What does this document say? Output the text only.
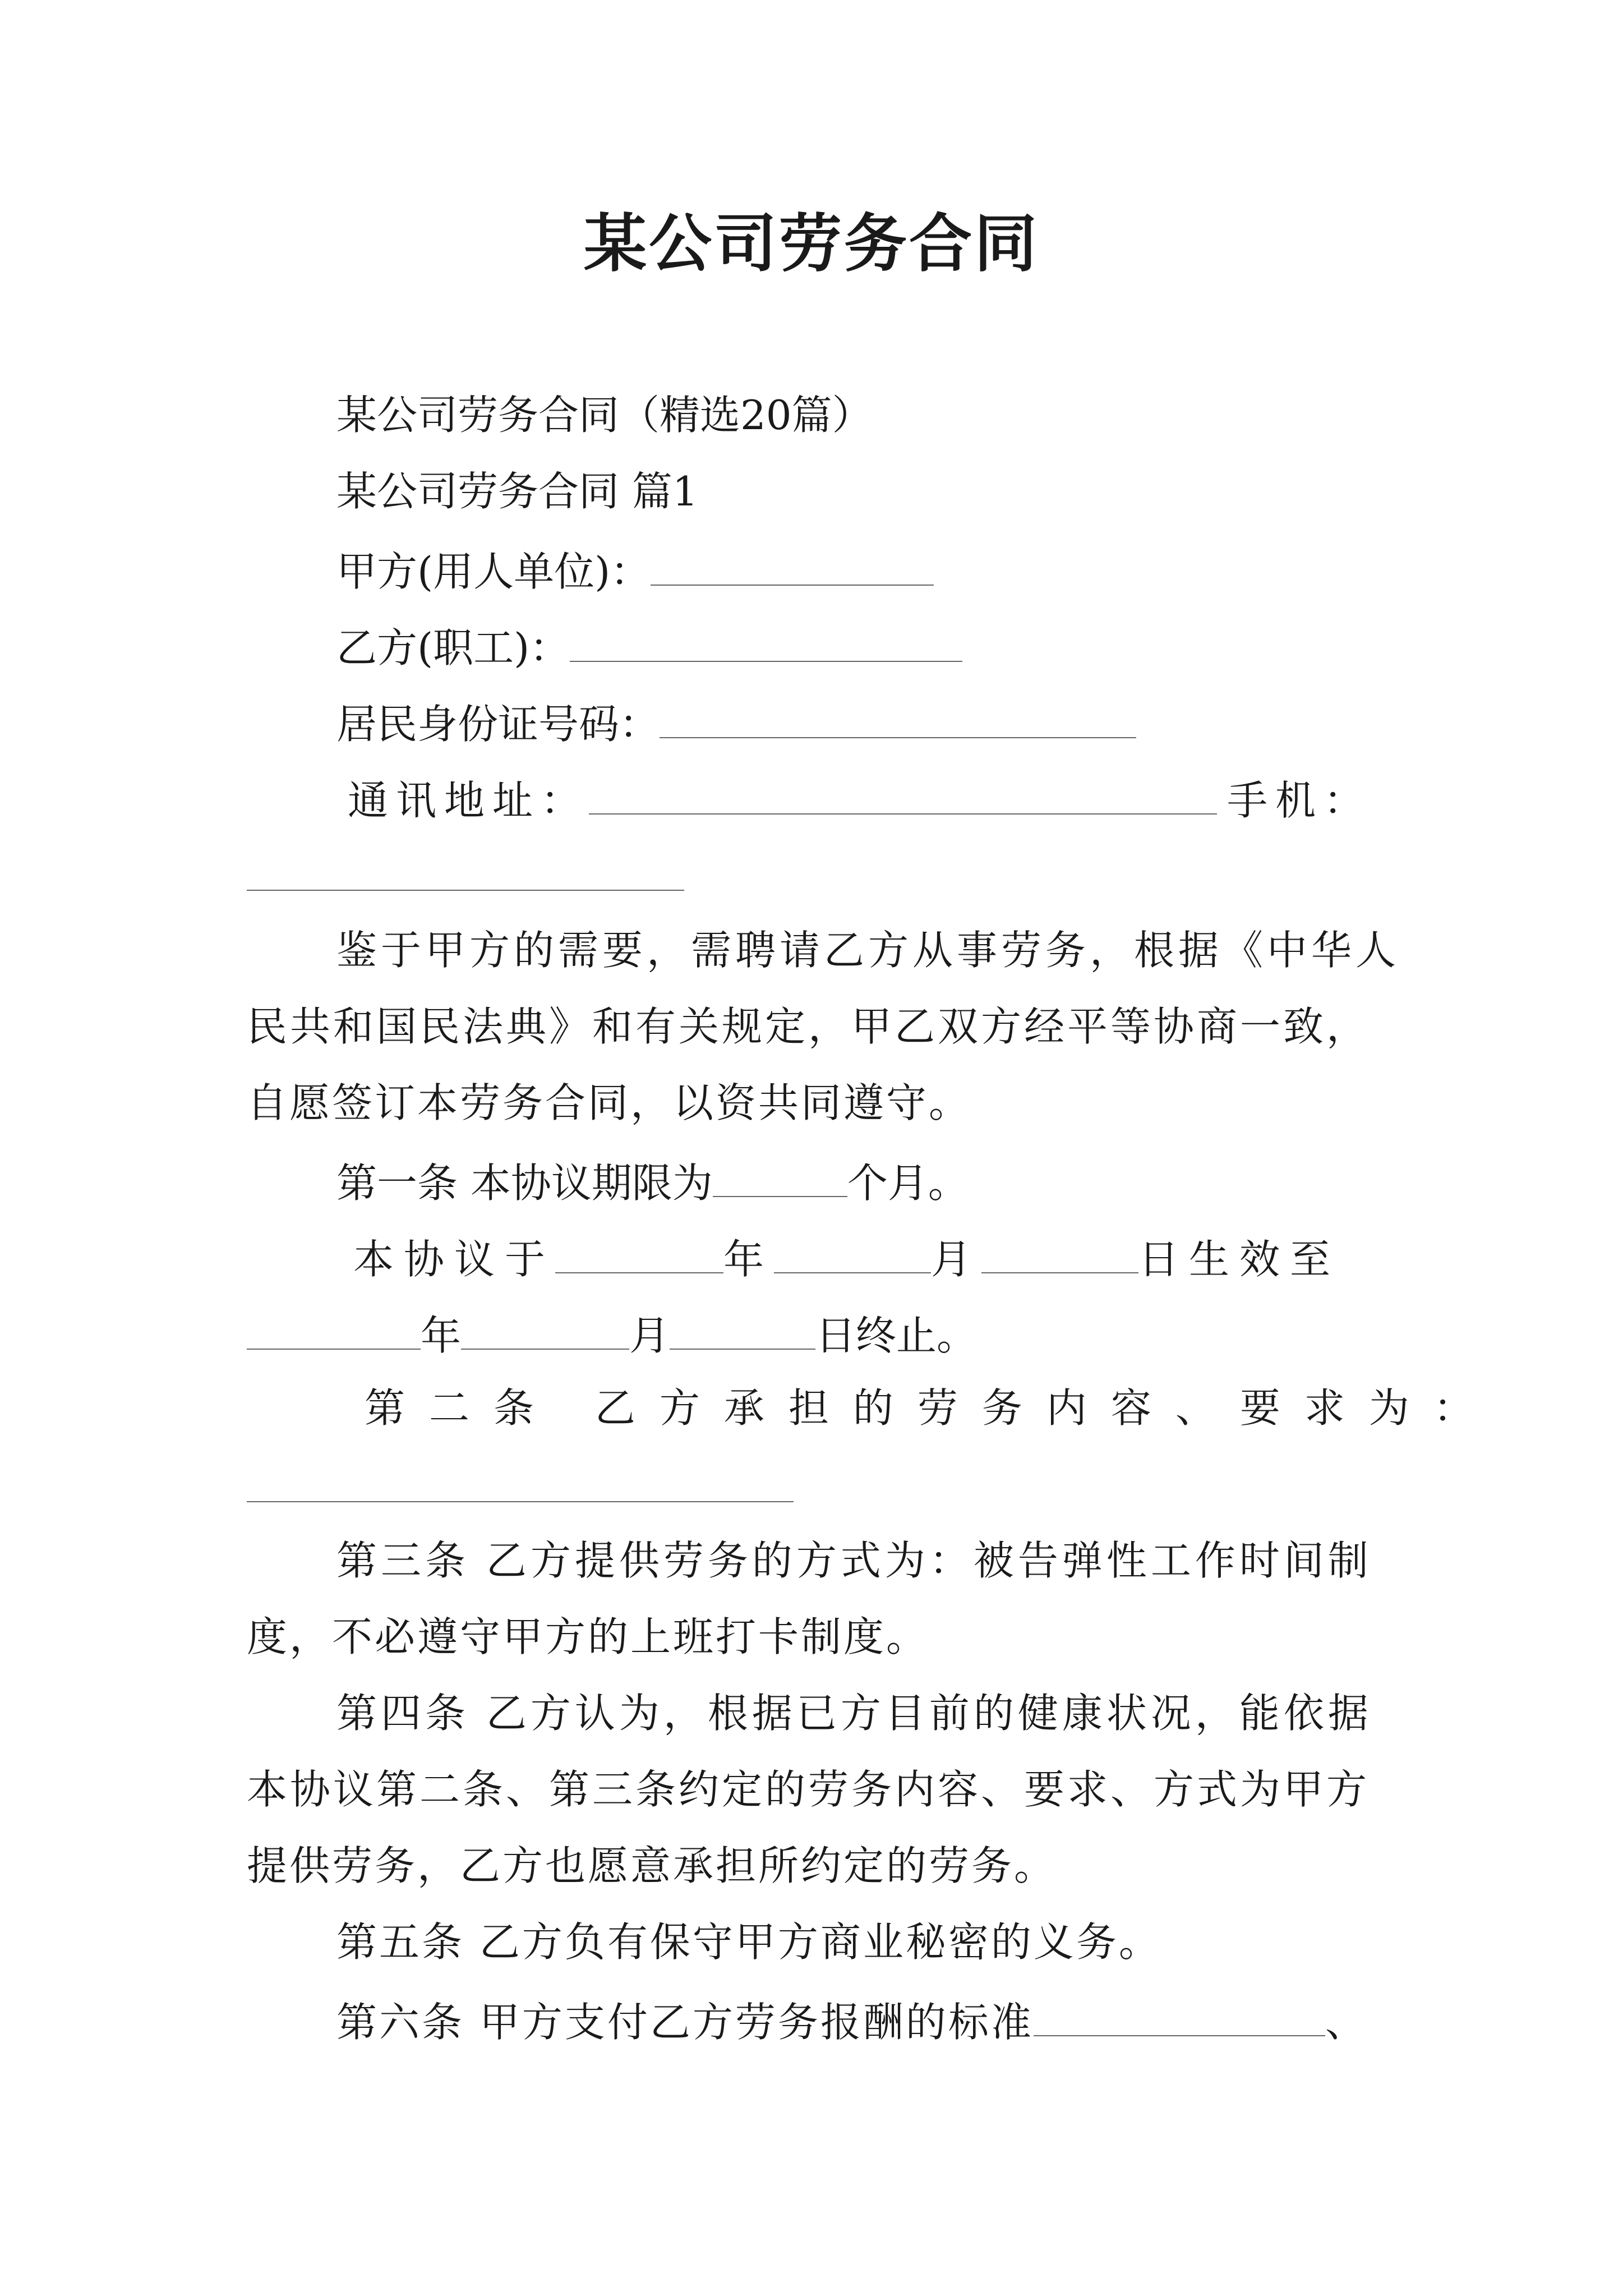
某公司劳务合同
某公司劳务合同（精选20篇）
某公司劳务合同 篇1
甲方(用人单位)：
乙方(职工)：
居民身份证号码：
通讯地址：	手机：
鉴于甲方的需要，需聘请乙方从事劳务，根据《中华人
民共和国民法典》和有关规定，甲乙双方经平等协商一致，
自愿签订本劳务合同，以资共同遵守。
第一条 本协议期限为	个月。
本协议于	年	月	日生效至
年	月	日终止。
第二条 乙方承担的劳务内容、要求为：
第三条 乙方提供劳务的方式为：被告弹性工作时间制
度，不必遵守甲方的上班打卡制度。
第四条 乙方认为，根据已方目前的健康状况，能依据
本协议第二条、第三条约定的劳务内容、要求、方式为甲方
提供劳务，乙方也愿意承担所约定的劳务。
第五条 乙方负有保守甲方商业秘密的义务。
第六条 甲方支付乙方劳务报酬的标准	、
